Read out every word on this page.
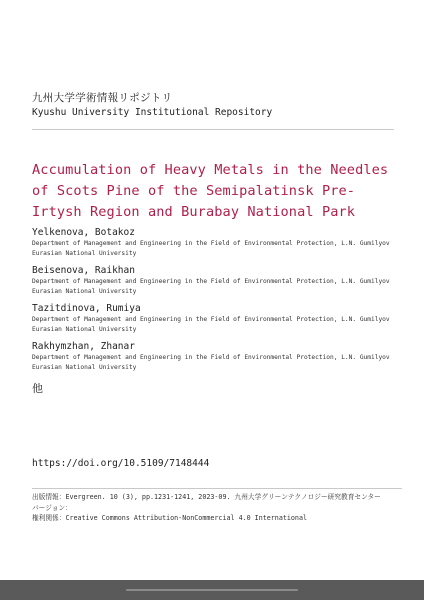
九州大学学術情報リポジトリ
Kyushu University Institutional Repository
Accumulation of Heavy Metals in the Needles of Scots Pine of the Semipalatinsk Pre-Irtysh Region and Burabay National Park
Yelkenova, Botakoz
Department of Management and Engineering in the Field of Environmental Protection, L.N. Gumilyov Eurasian National University
Beisenova, Raikhan
Department of Management and Engineering in the Field of Environmental Protection, L.N. Gumilyov Eurasian National University
Tazitdinova, Rumiya
Department of Management and Engineering in the Field of Environmental Protection, L.N. Gumilyov Eurasian National University
Rakhymzhan, Zhanar
Department of Management and Engineering in the Field of Environmental Protection, L.N. Gumilyov Eurasian National University
他
https://doi.org/10.5109/7148444
出版情報：Evergreen. 10 (3), pp.1231-1241, 2023-09. 九州大学グリーンテクノロジー研究教育センター
バージョン：
権利関係：Creative Commons Attribution-NonCommercial 4.0 International
